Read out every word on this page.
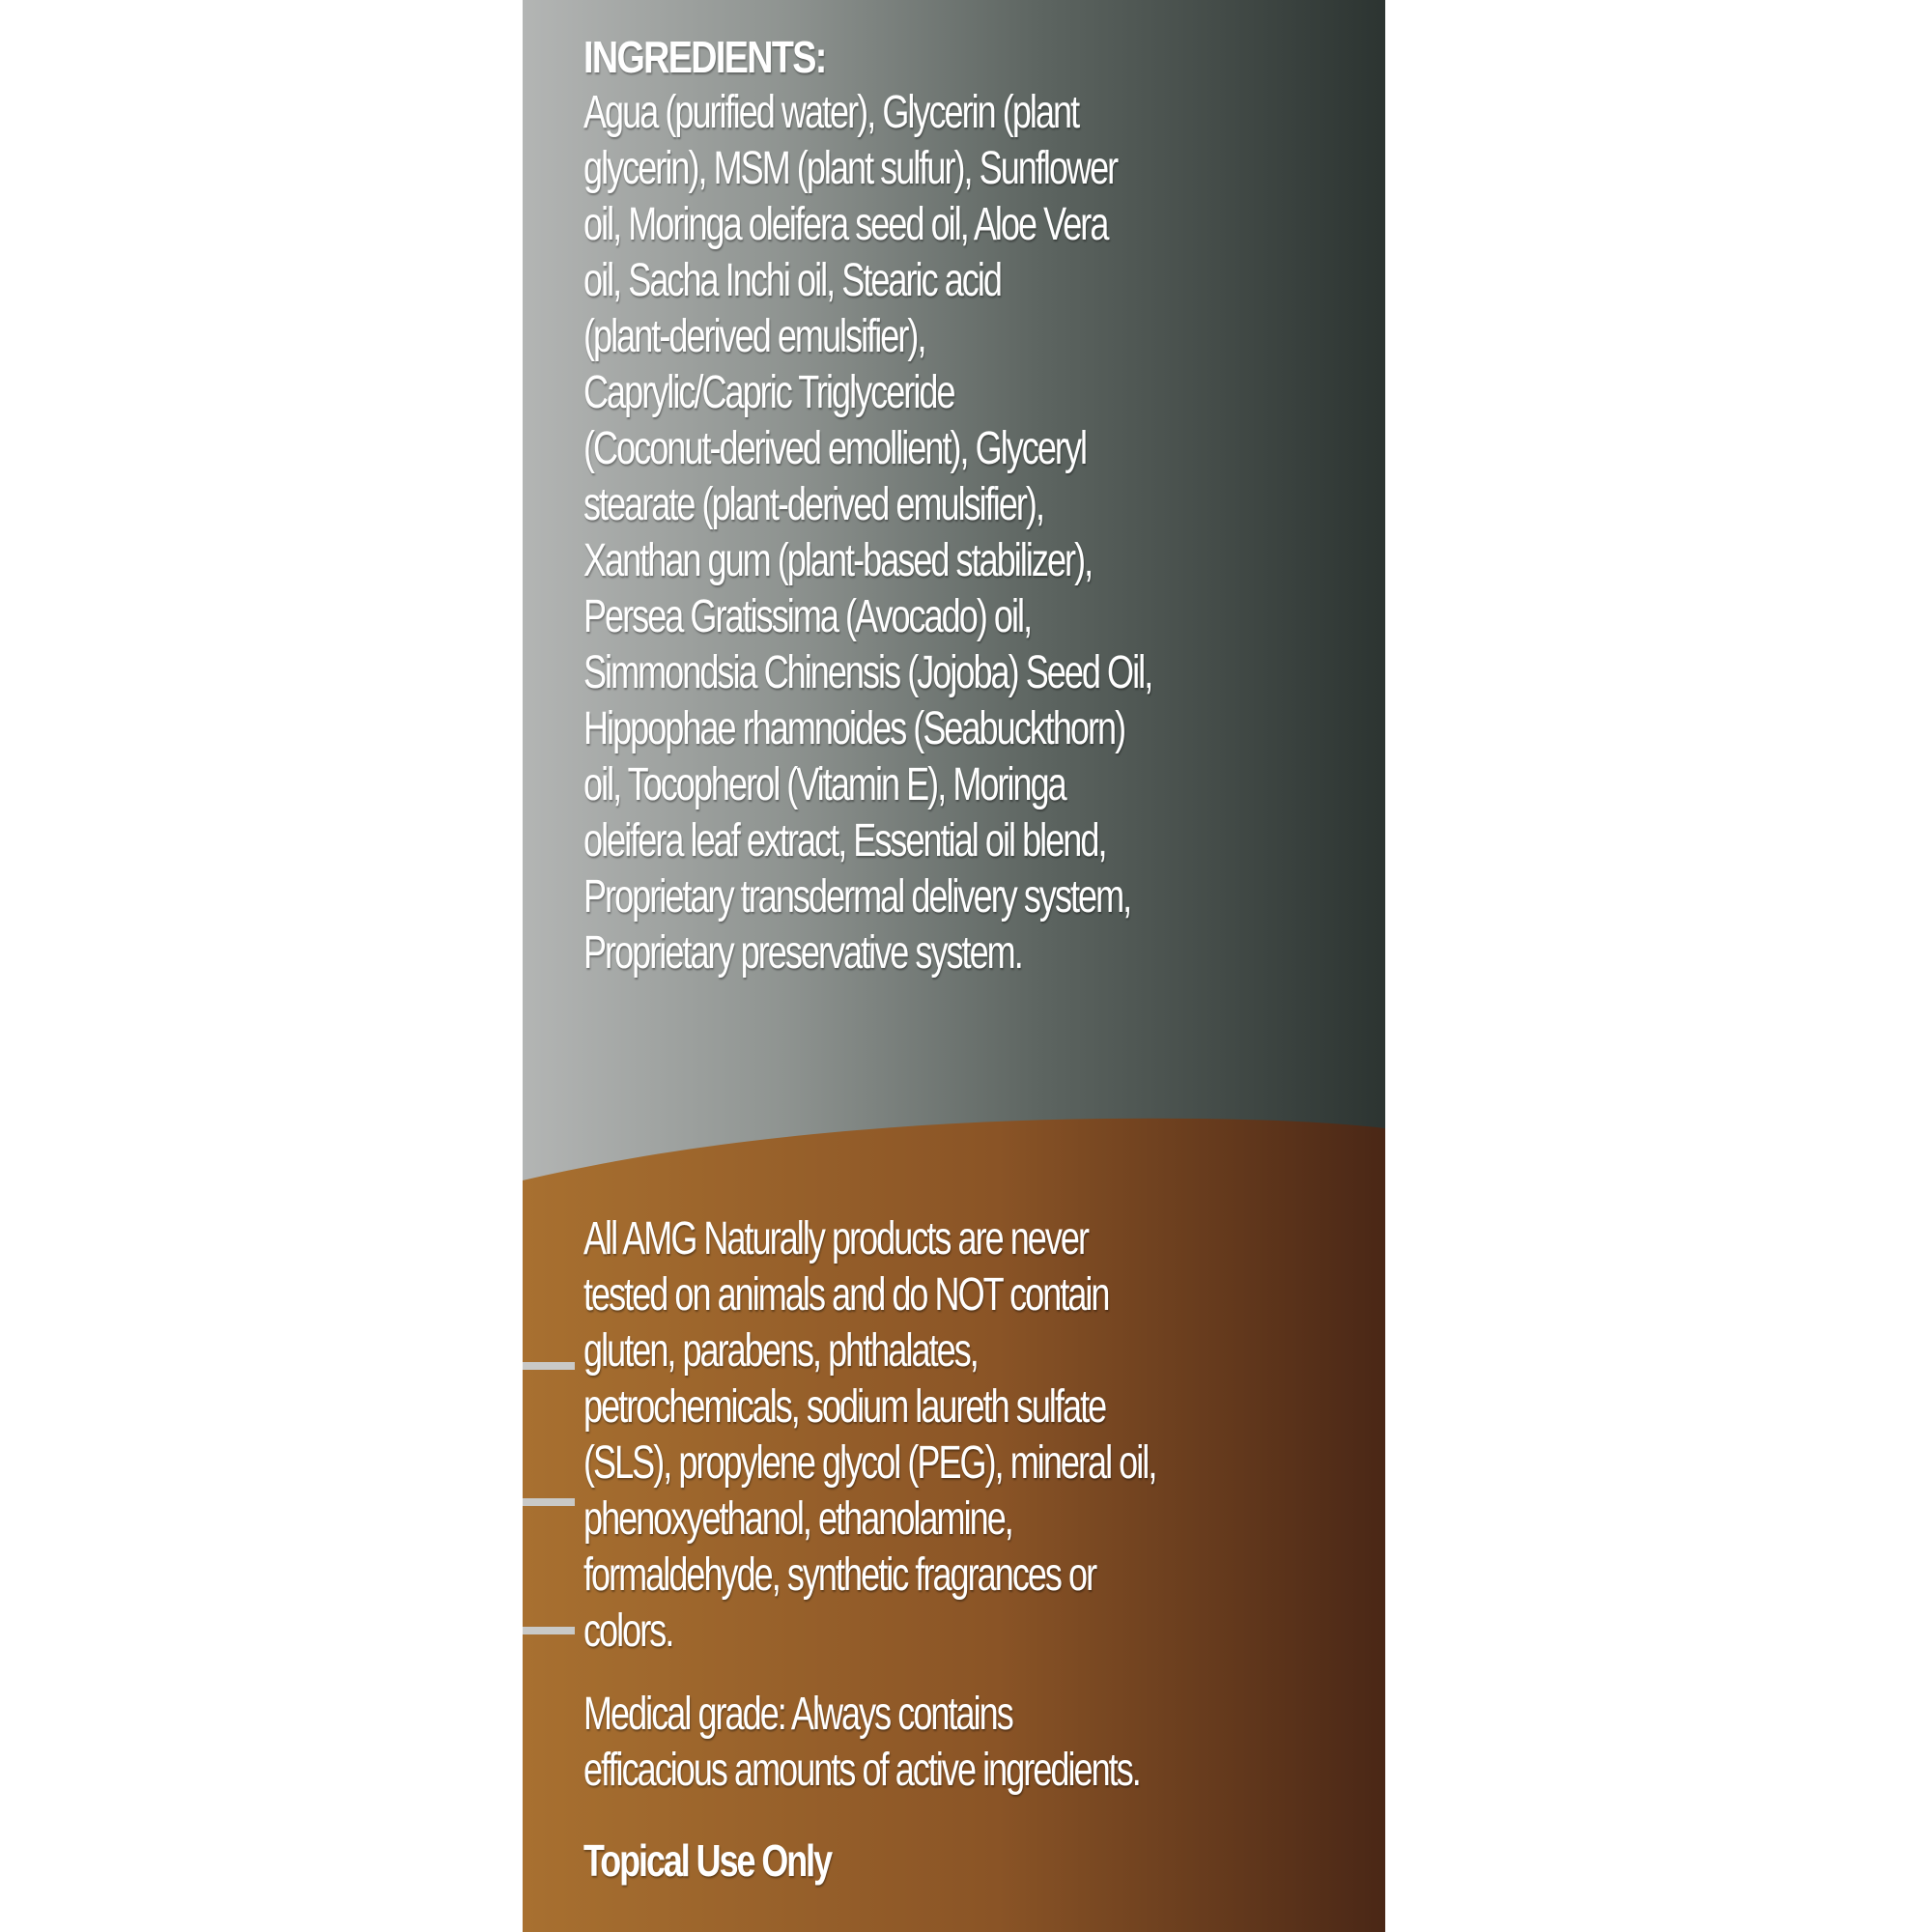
INGREDIENTS:
Agua (purified water), Glycerin (plant
glycerin), MSM (plant sulfur), Sunflower
oil, Moringa oleifera seed oil, Aloe Vera
oil, Sacha Inchi oil, Stearic acid
(plant-derived emulsifier),
Caprylic/Capric Triglyceride
(Coconut-derived emollient), Glyceryl
stearate (plant-derived emulsifier),
Xanthan gum (plant-based stabilizer),
Persea Gratissima (Avocado) oil,
Simmondsia Chinensis (Jojoba) Seed Oil,
Hippophae rhamnoides (Seabuckthorn)
oil, Tocopherol (Vitamin E), Moringa
oleifera leaf extract, Essential oil blend,
Proprietary transdermal delivery system,
Proprietary preservative system.
All AMG Naturally products are never
tested on animals and do NOT contain
gluten, parabens, phthalates,
petrochemicals, sodium laureth sulfate
(SLS), propylene glycol (PEG), mineral oil,
phenoxyethanol, ethanolamine,
formaldehyde, synthetic fragrances or
colors.
Medical grade: Always contains
efficacious amounts of active ingredients.
Topical Use Only
